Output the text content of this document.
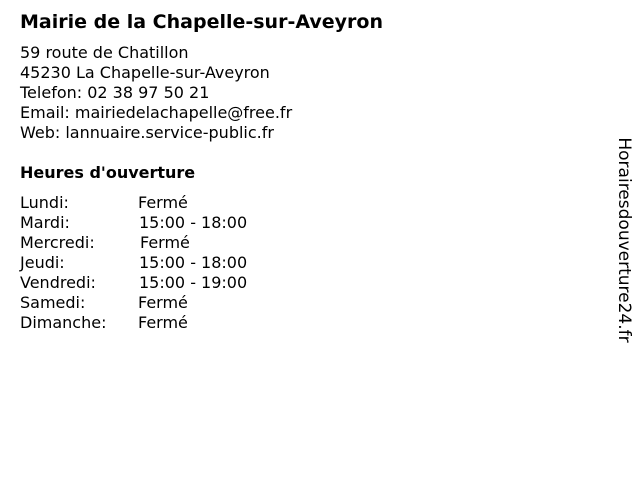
Mairie de la Chapelle-sur-Aveyron
59 route de Chatillon
45230 La Chapelle-sur-Aveyron
Telefon: 02 38 97 50 21
Email: mairiedelachapelle@free.fr
Web: lannuaire.service-public.fr
Heures d'ouverture
Lundi:	Fermé
Mardi:	15:00 - 18:00
Mercredi:	Fermé
Jeudi:	15:00 - 18:00
Vendredi:	15:00 - 19:00
Samedi:	Fermé
Dimanche: Fermé	Horairesdouverture24.fr
